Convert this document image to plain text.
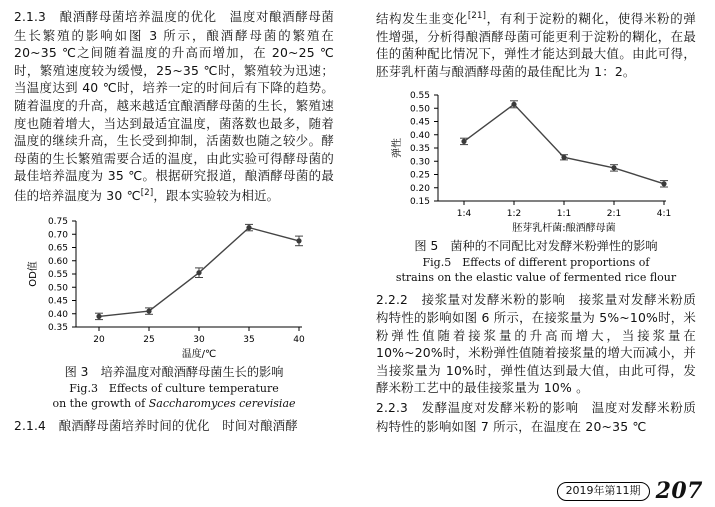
2.1.3　 酿酒酵母菌培养温度的优化　 温度对酿酒酵母菌生长繁殖的影响如图 3 所示，酿酒酵母菌的繁殖在 20~35 ℃之间随着温度的升高而增加，在 20~25 ℃时，繁殖速度较为缓慢，25~35 ℃时，繁殖较为迅速；当温度达到 40 ℃时，培养一定的时间后有下降的趋势。随着温度的升高，越来越适宜酿酒酵母菌的生长，繁殖速度也随着增大，当达到最适宜温度，菌落数也最多，随着温度的继续升高，生长受到抑制，活菌数也随之较少。酵母菌的生长繁殖需要合适的温度，由此实验可得酵母菌的最佳培养温度为 35 ℃。根据研究报道，酿酒酵母菌的最佳的培养温度为 30 ℃[2]，跟本实验较为相近。

0.35
0.40
0.45
0.50
0.55
0.60
0.65
0.70
0.75
20	25	30	35	40
温度/℃
OD值
图 3　培养温度对酿酒酵母菌生长的影响
Fig.3　Effects of culture temperature
on the growth of Saccharomyces cerevisiae

2.1.4　 酿酒酵母菌培养时间的优化　 时间对酿酒酵

结构发生韭变化[21]，有利于淀粉的糊化，使得米粉的弹性增强，分析得酿酒酵母菌可能更利于淀粉的糊化，在最佳的菌种配比情况下，弹性才能达到最大值。由此可得，胚芽乳杆菌与酿酒酵母菌的最佳配比为 1：2。

0.15
0.20
0.25
0.30
0.35
0.40
0.45
0.50
0.55
1:4	1:2	1:1	2:1	4:1
胚芽乳杆菌:酿酒酵母菌
弹性
图 5　菌种的不同配比对发酵米粉弹性的影响
Fig.5　Effects of different proportions of
strains on the elastic value of fermented rice flour

2.2.2　 接浆量对发酵米粉的影响　 接浆量对发酵米粉质构特性的影响如图 6 所示，在接浆量为 5%~10%时，米粉弹性值随着接浆量的升高而增大，当接浆量在 10%~20%时，米粉弹性值随着接浆量的增大而减小，并当接浆量为 10%时，弹性值达到最大值，由此可得，发酵米粉工艺中的最佳接浆量为 10% 。

2.2.3　 发酵温度对发酵米粉的影响　 温度对发酵米粉质构特性的影响如图 7 所示，在温度在 20~35 ℃

2019年第11期 207
